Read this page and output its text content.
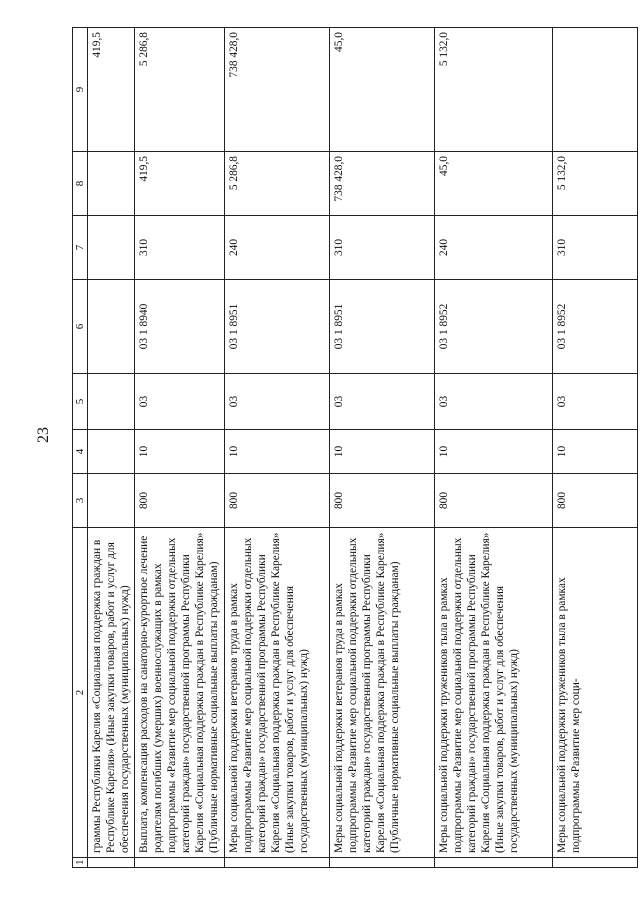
23
1	2	3	4	5	6	7	8	9
	граммы Республики Карелия «Социальная поддержка граждан в Республике Карелия» (Иные закупки товаров, работ и услуг для обеспечения государственных (муниципальных) нужд)							419,5
	Выплата, компенсация расходов на санаторно-курортное лечение родителям погибших (умерших) военнослужащих в рамках подпрограммы «Развитие мер социальной поддержки отдельных категорий граждан» государственной программы Республики Карелия «Социальная поддержка граждан в Республике Карелия» (Публичные нормативные социальные выплаты гражданам)	800	10	03	03 1 8940	310	419,5	5 286,8
	Меры социальной поддержки ветеранов труда в рамках подпрограммы «Развитие мер социальной поддержки отдельных категорий граждан» государственной программы Республики Карелия «Социальная поддержка граждан в Республике Карелия» (Иные закупки товаров, работ и услуг для обеспечения государственных (муниципальных) нужд)	800	10	03	03 1 8951	240	5 286,8	738 428,0
	Меры социальной поддержки ветеранов труда в рамках подпрограммы «Развитие мер социальной поддержки отдельных категорий граждан» государственной программы Республики Карелия «Социальная поддержка граждан в Республике Карелия» (Публичные нормативные социальные выплаты гражданам)	800	10	03	03 1 8951	310	738 428,0	45,0
	Меры социальной поддержки тружеников тыла в рамках подпрограммы «Развитие мер социальной поддержки отдельных категорий граждан» государственной программы Республики Карелия «Социальная поддержка граждан в Республике Карелия» (Иные закупки товаров, работ и услуг для обеспечения государственных (муниципальных) нужд)	800	10	03	03 1 8952	240	45,0	5 132,0
	Меры социальной поддержки тружеников тыла в рамках подпрограммы «Развитие мер соци-	800	10	03	03 1 8952	310	5 132,0	
